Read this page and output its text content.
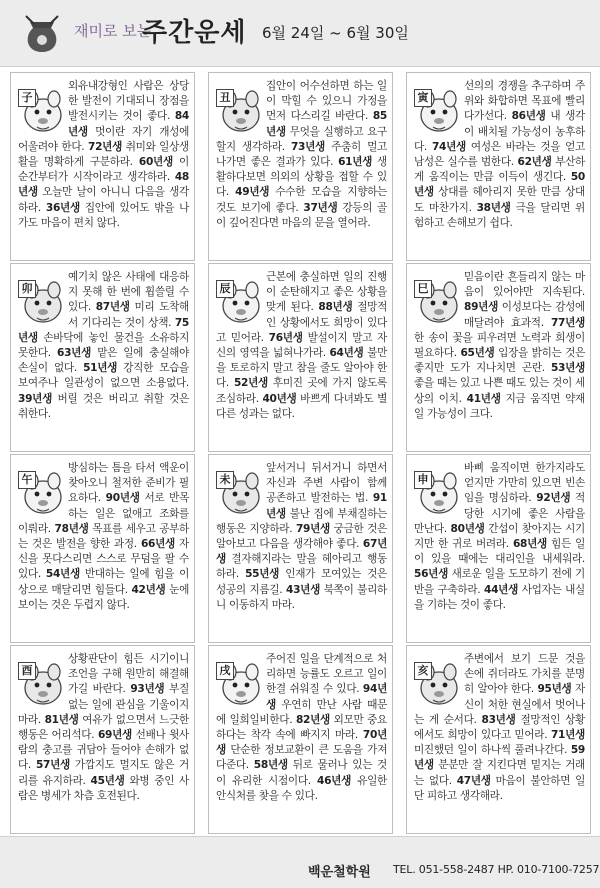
재미로 보는
주간운세 6월 24일 ~ 6월 30일
子

외유내강형인 사람은 상당한 발전이 기대되니 장점을 발전시키는 것이 좋다. 84년생 멋이란 자기 개성에 어울려야 한다. 72년생 취미와 일상생활을 명확하게 구분하라. 60년생 이 순간부터가 시작이라고 생각하라. 48년생 오늘만 날이 아니니 다음을 생각하라. 36년생 집안에 있어도 밖을 나가도 마음이 편치 않다.

丑

집안이 어수선하면 하는 일이 막힐 수 있으니 가정을 먼저 다스리길 바란다. 85년생 무엇을 실행하고 요구할지 생각하라. 73년생 주춤히 멀고 나가면 좋은 결과가 있다. 61년생 생활하다보면 의외의 상황을 접할 수 있다. 49년생 수수한 모습을 지향하는 것도 보기에 좋다. 37년생 강등의 골이 깊어진다면 마음의 문을 열어라.

寅

선의의 경쟁을 추구하며 주위와 화합하면 목표에 빨리 다가선다. 86년생 내 생각이 배치될 가능성이 농후하다. 74년생 여성은 바라는 것을 얻고 남성은 실수를 범한다. 62년생 부산하게 움직이는 만큼 이득이 생긴다. 50년생 상대를 헤아리지 못한 만큼 상대도 마찬가지. 38년생 극을 달리면 위험하고 손해보기 쉽다.

卯

예기치 않은 사태에 대응하지 못해 한 번에 휩쓸릴 수 있다. 87년생 미리 도착해서 기다리는 것이 상책. 75년생 손바닥에 놓인 물건을 소유하지 못한다. 63년생 맡은 일에 충실해야 손실이 없다. 51년생 강직한 모습을 보여주나 일관성이 없으면 소용없다. 39년생 버릴 것은 버리고 취할 것은 취한다.

辰

근본에 충실하면 일의 진행이 순탄해지고 좋은 상황을 맞게 된다. 88년생 절망적인 상황에서도 희망이 있다고 믿어라. 76년생 발설이지 말고 자신의 영역을 넓혀나가라. 64년생 불만을 토로하지 말고 참을 줄도 알아야 한다. 52년생 후미진 곳에 가지 않도록 조심하라. 40년생 바쁘게 다녀봐도 별다른 성과는 없다.

巳

믿음이란 흔들리지 않는 마음이 있어야만 지속된다. 89년생 이성보다는 감성에 매달려야 효과적. 77년생 한 송이 꽃을 피우려면 노력과 희생이 필요하다. 65년생 입장을 밝히는 것은 좋지만 도가 지나치면 곤란. 53년생 좋을 때는 있고 나쁜 때도 있는 것이 세상의 이치. 41년생 지금 움직면 약재일 가능성이 크다.

午

방심하는 틈을 타서 액운이 찾아오니 철저한 준비가 필요하다. 90년생 서로 반목하는 일은 없애고 조화를 이뤄라. 78년생 목표를 세우고 공부하는 것은 발전을 향한 과정. 66년생 자신을 못다스리면 스스로 무덤을 팔 수 있다. 54년생 반대하는 일에 힘을 이상으로 매달리면 힘들다. 42년생 눈에 보이는 것은 두렵지 않다.

未

앞서거니 뒤서거니 하면서 자신과 주변 사람이 함께 공존하고 발전하는 법. 91년생 불난 집에 부채질하는 행동은 지양하라. 79년생 궁금한 것은 알아보고 다음을 생각해야 좋다. 67년생 결자해지라는 말을 헤아리고 행동하라. 55년생 인재가 모여있는 것은 성공의 지름길. 43년생 북쪽이 불리하니 이동하지 마라.

申

바삐 움직이면 한가지라도 얻지만 가만히 있으면 빈손임을 명심하라. 92년생 적당한 시기에 좋은 사람을 만난다. 80년생 간섭이 찾아지는 시기지만 한 귀로 버려라. 68년생 힘든 일이 있을 때에는 대리인을 내세워라. 56년생 새로운 일을 도모하기 전에 기반을 구축하라. 44년생 사업자는 내실을 기하는 것이 좋다.

酉

상황판단이 힘든 시기이니 조언을 구해 원만히 해결해가길 바란다. 93년생 부질없는 일에 관심을 기울이지 마라. 81년생 여유가 없으면서 느긋한 행동은 어리석다. 69년생 선배나 윗사람의 충고를 귀담아 들어야 손해가 없다. 57년생 가깝지도 멀지도 않은 거리를 유지하라. 45년생 와병 중인 사람은 병세가 차츰 호전된다.

戌

주어진 일을 단계적으로 처리하면 능률도 오르고 일이 한결 쉬워질 수 있다. 94년생 우연히 만난 사람 때문에 일희일비한다. 82년생 외모만 중요하다는 착각 속에 빠지지 마라. 70년생 단순한 정보교환이 큰 도움을 가져다준다. 58년생 뒤로 물러나 있는 것이 유리한 시점이다. 46년생 유일한 안식처를 찾을 수 있다.

亥

주변에서 보기 드문 것을 손에 쥐더라도 가치를 분명히 알아야 한다. 95년생 자신이 처한 현실에서 벗어나는 게 순서다. 83년생 절망적인 상황에서도 희망이 있다고 믿어라. 71년생 미진했던 일이 하나씩 풀려나간다. 59년생 분분만 잘 지킨다면 밑지는 거래는 없다. 47년생 마음이 불안하면 일단 피하고 생각해라.

백운철학원 TEL. 051-558-2487 HP. 010-7100-7257
